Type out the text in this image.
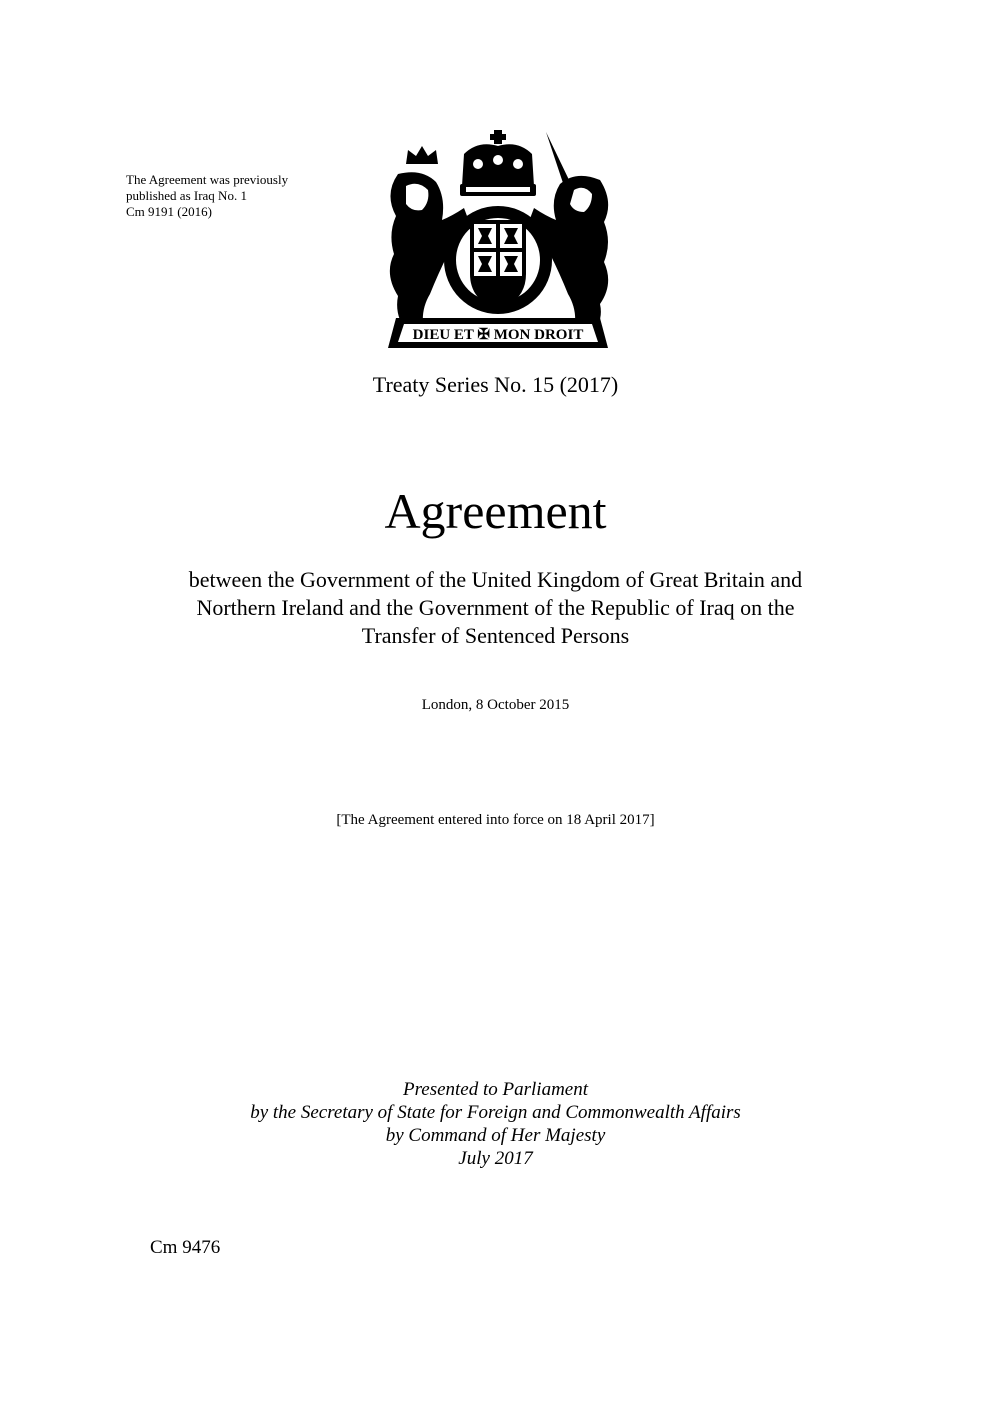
The Agreement was previously
published as Iraq No. 1
Cm 9191 (2016)
DIEU ET ✠ MON DROIT
Treaty Series No. 15 (2017)
Agreement
between the Government of the United Kingdom of Great Britain and
Northern Ireland and the Government of the Republic of Iraq on the
Transfer of Sentenced Persons
London, 8 October 2015
[The Agreement entered into force on 18 April 2017]
Presented to Parliament
by the Secretary of State for Foreign and Commonwealth Affairs
by Command of Her Majesty
July 2017
Cm 9476
